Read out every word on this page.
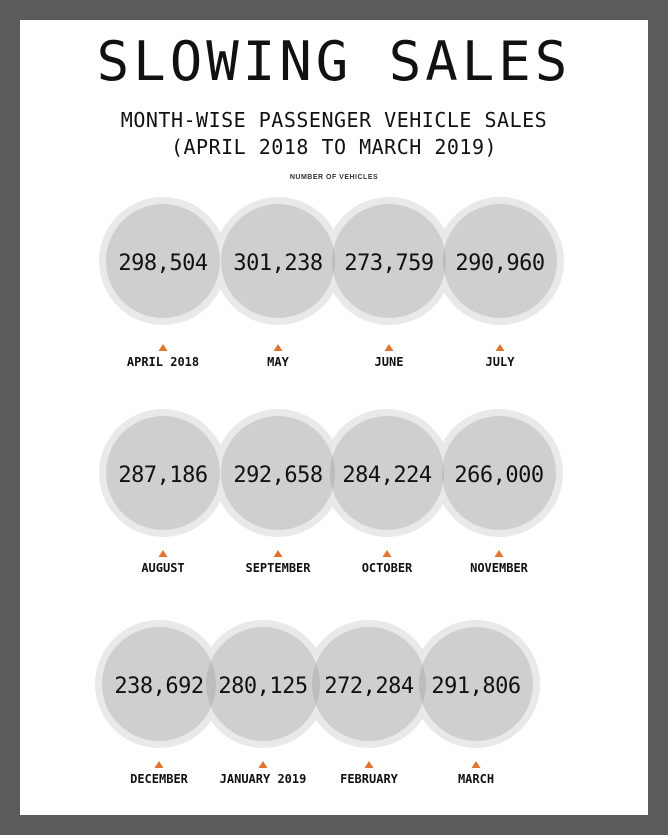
SLOWING SALES
MONTH-WISE PASSENGER VEHICLE SALES
(APRIL 2018 TO MARCH 2019)
NUMBER OF VEHICLES
298,504
APRIL 2018
301,238
MAY
273,759
JUNE
290,960
JULY
287,186
AUGUST
292,658
SEPTEMBER
284,224
OCTOBER
266,000
NOVEMBER
238,692
DECEMBER
280,125
JANUARY 2019
272,284
FEBRUARY
291,806
MARCH
